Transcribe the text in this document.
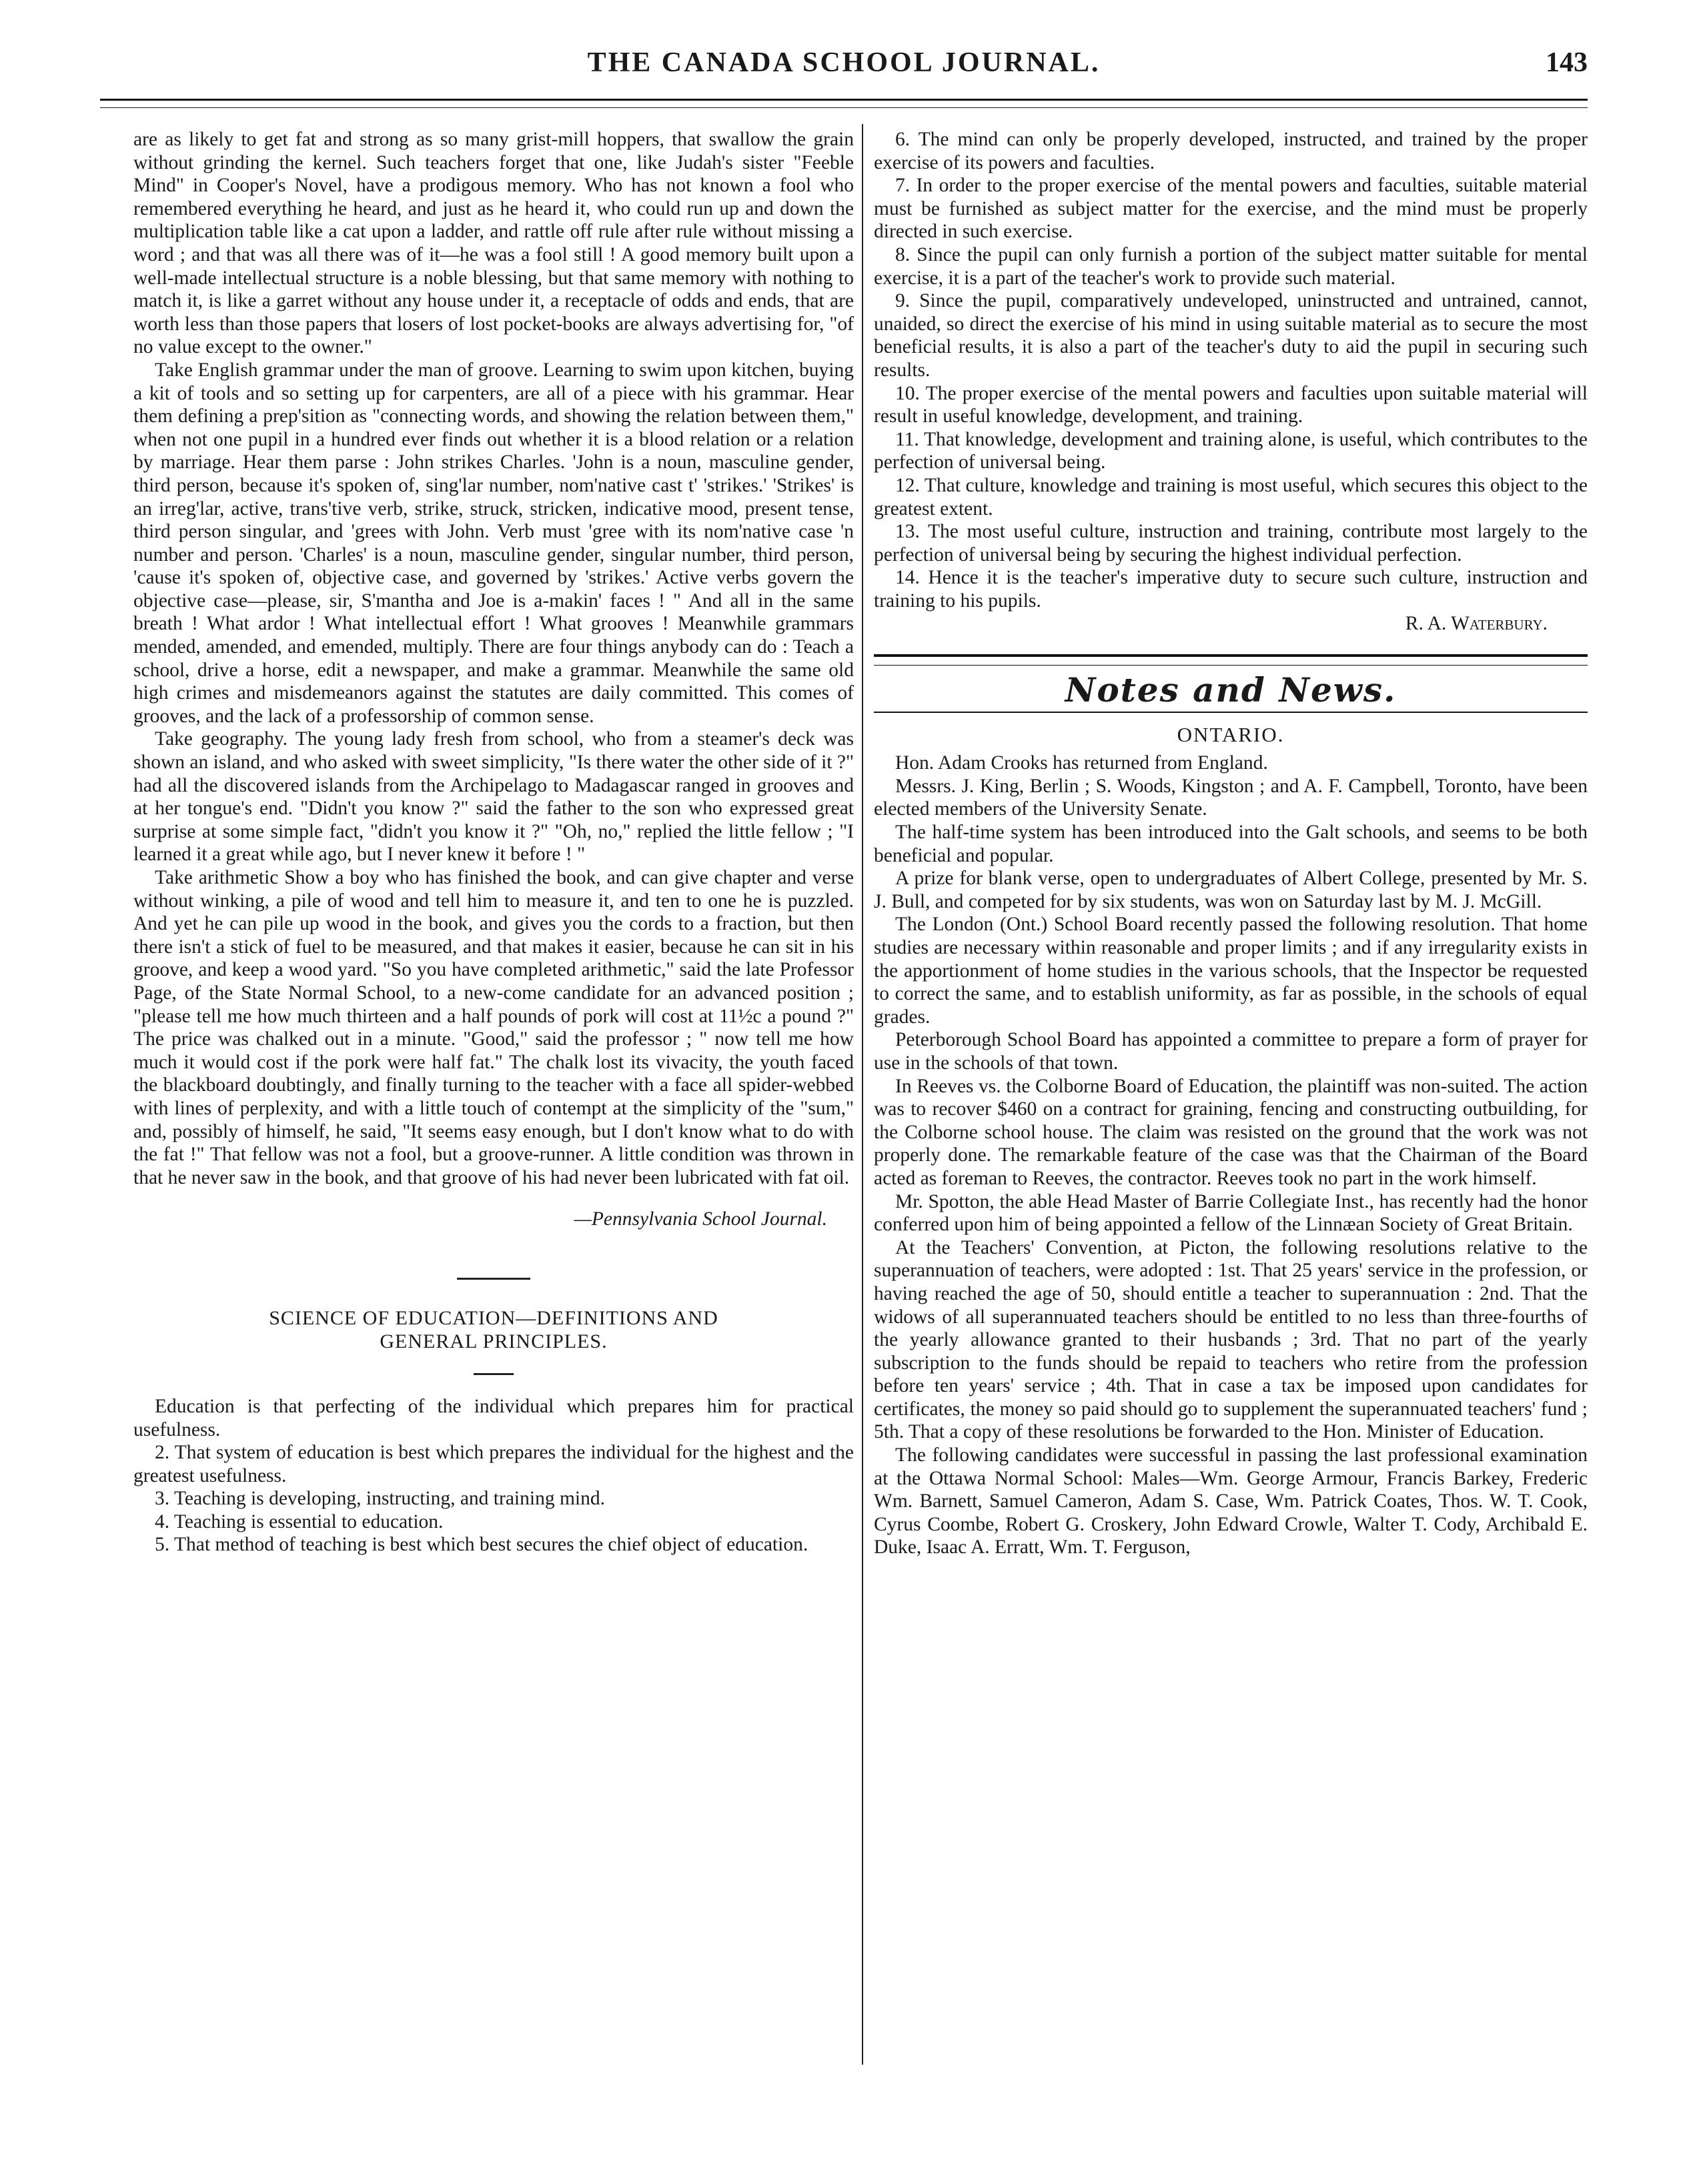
THE CANADA SCHOOL JOURNAL.	143

are as likely to get fat and strong as so many grist-mill hoppers, that swallow the grain without grinding the kernel. Such teachers forget that one, like Judah's sister "Feeble Mind" in Cooper's Novel, have a prodigous memory. Who has not known a fool who remembered everything he heard, and just as he heard it, who could run up and down the multiplication table like a cat upon a ladder, and rattle off rule after rule without missing a word ; and that was all there was of it—he was a fool still ! A good memory built upon a well-made intellectual structure is a noble blessing, but that same memory with nothing to match it, is like a garret without any house under it, a receptacle of odds and ends, that are worth less than those papers that losers of lost pocket-books are always advertising for, "of no value except to the owner."

Take English grammar under the man of groove. Learning to swim upon kitchen, buying a kit of tools and so setting up for carpenters, are all of a piece with his grammar. Hear them defining a prep'sition as "connecting words, and showing the relation between them," when not one pupil in a hundred ever finds out whether it is a blood relation or a relation by marriage. Hear them parse : John strikes Charles. 'John is a noun, masculine gender, third person, because it's spoken of, sing'lar number, nom'native cast t' 'strikes.' 'Strikes' is an irreg'lar, active, trans'tive verb, strike, struck, stricken, indicative mood, present tense, third person singular, and 'grees with John. Verb must 'gree with its nom'native case 'n number and person. 'Charles' is a noun, masculine gender, singular number, third person, 'cause it's spoken of, objective case, and governed by 'strikes.' Active verbs govern the objective case—please, sir, S'mantha and Joe is a-makin' faces ! " And all in the same breath ! What ardor ! What intellectual effort ! What grooves ! Meanwhile grammars mended, amended, and emended, multiply. There are four things anybody can do : Teach a school, drive a horse, edit a newspaper, and make a grammar. Meanwhile the same old high crimes and misdemeanors against the statutes are daily committed. This comes of grooves, and the lack of a professorship of common sense.

Take geography. The young lady fresh from school, who from a steamer's deck was shown an island, and who asked with sweet simplicity, "Is there water the other side of it ?" had all the discovered islands from the Archipelago to Madagascar ranged in grooves and at her tongue's end. "Didn't you know ?" said the father to the son who expressed great surprise at some simple fact, "didn't you know it ?" "Oh, no," replied the little fellow ; "I learned it a great while ago, but I never knew it before ! "

Take arithmetic Show a boy who has finished the book, and can give chapter and verse without winking, a pile of wood and tell him to measure it, and ten to one he is puzzled. And yet he can pile up wood in the book, and gives you the cords to a fraction, but then there isn't a stick of fuel to be measured, and that makes it easier, because he can sit in his groove, and keep a wood yard. "So you have completed arithmetic," said the late Professor Page, of the State Normal School, to a new-come candidate for an advanced position ; "please tell me how much thirteen and a half pounds of pork will cost at 11½c a pound ?" The price was chalked out in a minute. "Good," said the professor ; " now tell me how much it would cost if the pork were half fat." The chalk lost its vivacity, the youth faced the blackboard doubtingly, and finally turning to the teacher with a face all spider-webbed with lines of perplexity, and with a little touch of contempt at the simplicity of the "sum," and, possibly of himself, he said, "It seems easy enough, but I don't know what to do with the fat !" That fellow was not a fool, but a groove-runner. A little condition was thrown in that he never saw in the book, and that groove of his had never been lubricated with fat oil.

—Pennsylvania School Journal.

SCIENCE OF EDUCATION—DEFINITIONS AND
GENERAL PRINCIPLES.

Education is that perfecting of the individual which prepares him for practical usefulness.

2. That system of education is best which prepares the individual for the highest and the greatest usefulness.

3. Teaching is developing, instructing, and training mind.

4. Teaching is essential to education.

5. That method of teaching is best which best secures the chief object of education.

6. The mind can only be properly developed, instructed, and trained by the proper exercise of its powers and faculties.

7. In order to the proper exercise of the mental powers and faculties, suitable material must be furnished as subject matter for the exercise, and the mind must be properly directed in such exercise.

8. Since the pupil can only furnish a portion of the subject matter suitable for mental exercise, it is a part of the teacher's work to provide such material.

9. Since the pupil, comparatively undeveloped, uninstructed and untrained, cannot, unaided, so direct the exercise of his mind in using suitable material as to secure the most beneficial results, it is also a part of the teacher's duty to aid the pupil in securing such results.

10. The proper exercise of the mental powers and faculties upon suitable material will result in useful knowledge, development, and training.

11. That knowledge, development and training alone, is useful, which contributes to the perfection of universal being.

12. That culture, knowledge and training is most useful, which secures this object to the greatest extent.

13. The most useful culture, instruction and training, contribute most largely to the perfection of universal being by securing the highest individual perfection.

14. Hence it is the teacher's imperative duty to secure such culture, instruction and training to his pupils.

R. A. Waterbury.

Notes and News.
ONTARIO.

Hon. Adam Crooks has returned from England.

Messrs. J. King, Berlin ; S. Woods, Kingston ; and A. F. Campbell, Toronto, have been elected members of the University Senate.

The half-time system has been introduced into the Galt schools, and seems to be both beneficial and popular.

A prize for blank verse, open to undergraduates of Albert College, presented by Mr. S. J. Bull, and competed for by six students, was won on Saturday last by M. J. McGill.

The London (Ont.) School Board recently passed the following resolution. That home studies are necessary within reasonable and proper limits ; and if any irregularity exists in the apportionment of home studies in the various schools, that the Inspector be requested to correct the same, and to establish uniformity, as far as possible, in the schools of equal grades.

Peterborough School Board has appointed a committee to prepare a form of prayer for use in the schools of that town.

In Reeves vs. the Colborne Board of Education, the plaintiff was non-suited. The action was to recover $460 on a contract for graining, fencing and constructing outbuilding, for the Colborne school house. The claim was resisted on the ground that the work was not properly done. The remarkable feature of the case was that the Chairman of the Board acted as foreman to Reeves, the contractor. Reeves took no part in the work himself.

Mr. Spotton, the able Head Master of Barrie Collegiate Inst., has recently had the honor conferred upon him of being appointed a fellow of the Linnæan Society of Great Britain.

At the Teachers' Convention, at Picton, the following resolutions relative to the superannuation of teachers, were adopted : 1st. That 25 years' service in the profession, or having reached the age of 50, should entitle a teacher to superannuation : 2nd. That the widows of all superannuated teachers should be entitled to no less than three-fourths of the yearly allowance granted to their husbands ; 3rd. That no part of the yearly subscription to the funds should be repaid to teachers who retire from the profession before ten years' service ; 4th. That in case a tax be imposed upon candidates for certificates, the money so paid should go to supplement the superannuated teachers' fund ; 5th. That a copy of these resolutions be forwarded to the Hon. Minister of Education.

The following candidates were successful in passing the last professional examination at the Ottawa Normal School: Males—Wm. George Armour, Francis Barkey, Frederic Wm. Barnett, Samuel Cameron, Adam S. Case, Wm. Patrick Coates, Thos. W. T. Cook, Cyrus Coombe, Robert G. Croskery, John Edward Crowle, Walter T. Cody, Archibald E. Duke, Isaac A. Erratt, Wm. T. Ferguson,
